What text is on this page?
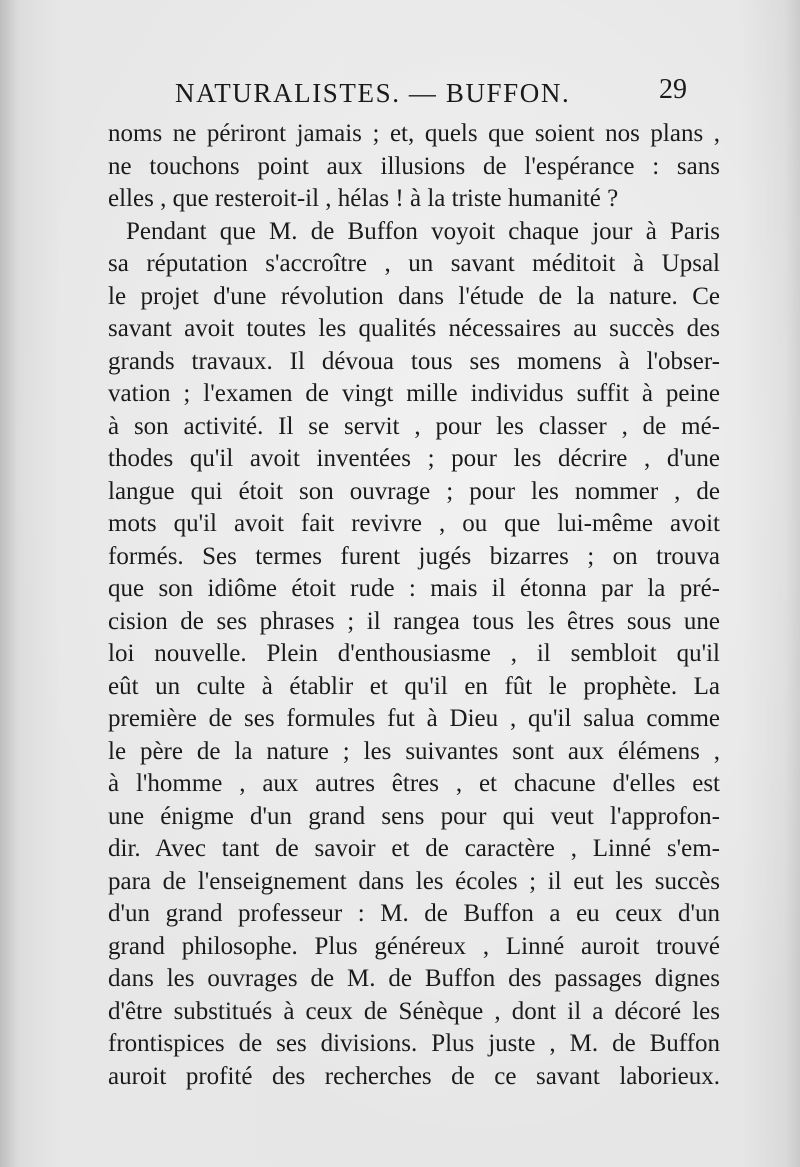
NATURALISTES. — BUFFON.	29
noms ne périront jamais ; et, quels que soient nos plans ,
ne touchons point aux illusions de l'espérance : sans
elles , que resteroit-il , hélas ! à la triste humanité ?
Pendant que M. de Buffon voyoit chaque jour à Paris
sa réputation s'accroître , un savant méditoit à Upsal
le projet d'une révolution dans l'étude de la nature. Ce
savant avoit toutes les qualités nécessaires au succès des
grands travaux. Il dévoua tous ses momens à l'obser-
vation ; l'examen de vingt mille individus suffit à peine
à son activité. Il se servit , pour les classer , de mé-
thodes qu'il avoit inventées ; pour les décrire , d'une
langue qui étoit son ouvrage ; pour les nommer , de
mots qu'il avoit fait revivre , ou que lui-même avoit
formés. Ses termes furent jugés bizarres ; on trouva
que son idiôme étoit rude : mais il étonna par la pré-
cision de ses phrases ; il rangea tous les êtres sous une
loi nouvelle. Plein d'enthousiasme , il sembloit qu'il
eût un culte à établir et qu'il en fût le prophète. La
première de ses formules fut à Dieu , qu'il salua comme
le père de la nature ; les suivantes sont aux élémens ,
à l'homme , aux autres êtres , et chacune d'elles est
une énigme d'un grand sens pour qui veut l'approfon-
dir. Avec tant de savoir et de caractère , Linné s'em-
para de l'enseignement dans les écoles ; il eut les succès
d'un grand professeur : M. de Buffon a eu ceux d'un
grand philosophe. Plus généreux , Linné auroit trouvé
dans les ouvrages de M. de Buffon des passages dignes
d'être substitués à ceux de Sénèque , dont il a décoré les
frontispices de ses divisions. Plus juste , M. de Buffon
auroit profité des recherches de ce savant laborieux.
